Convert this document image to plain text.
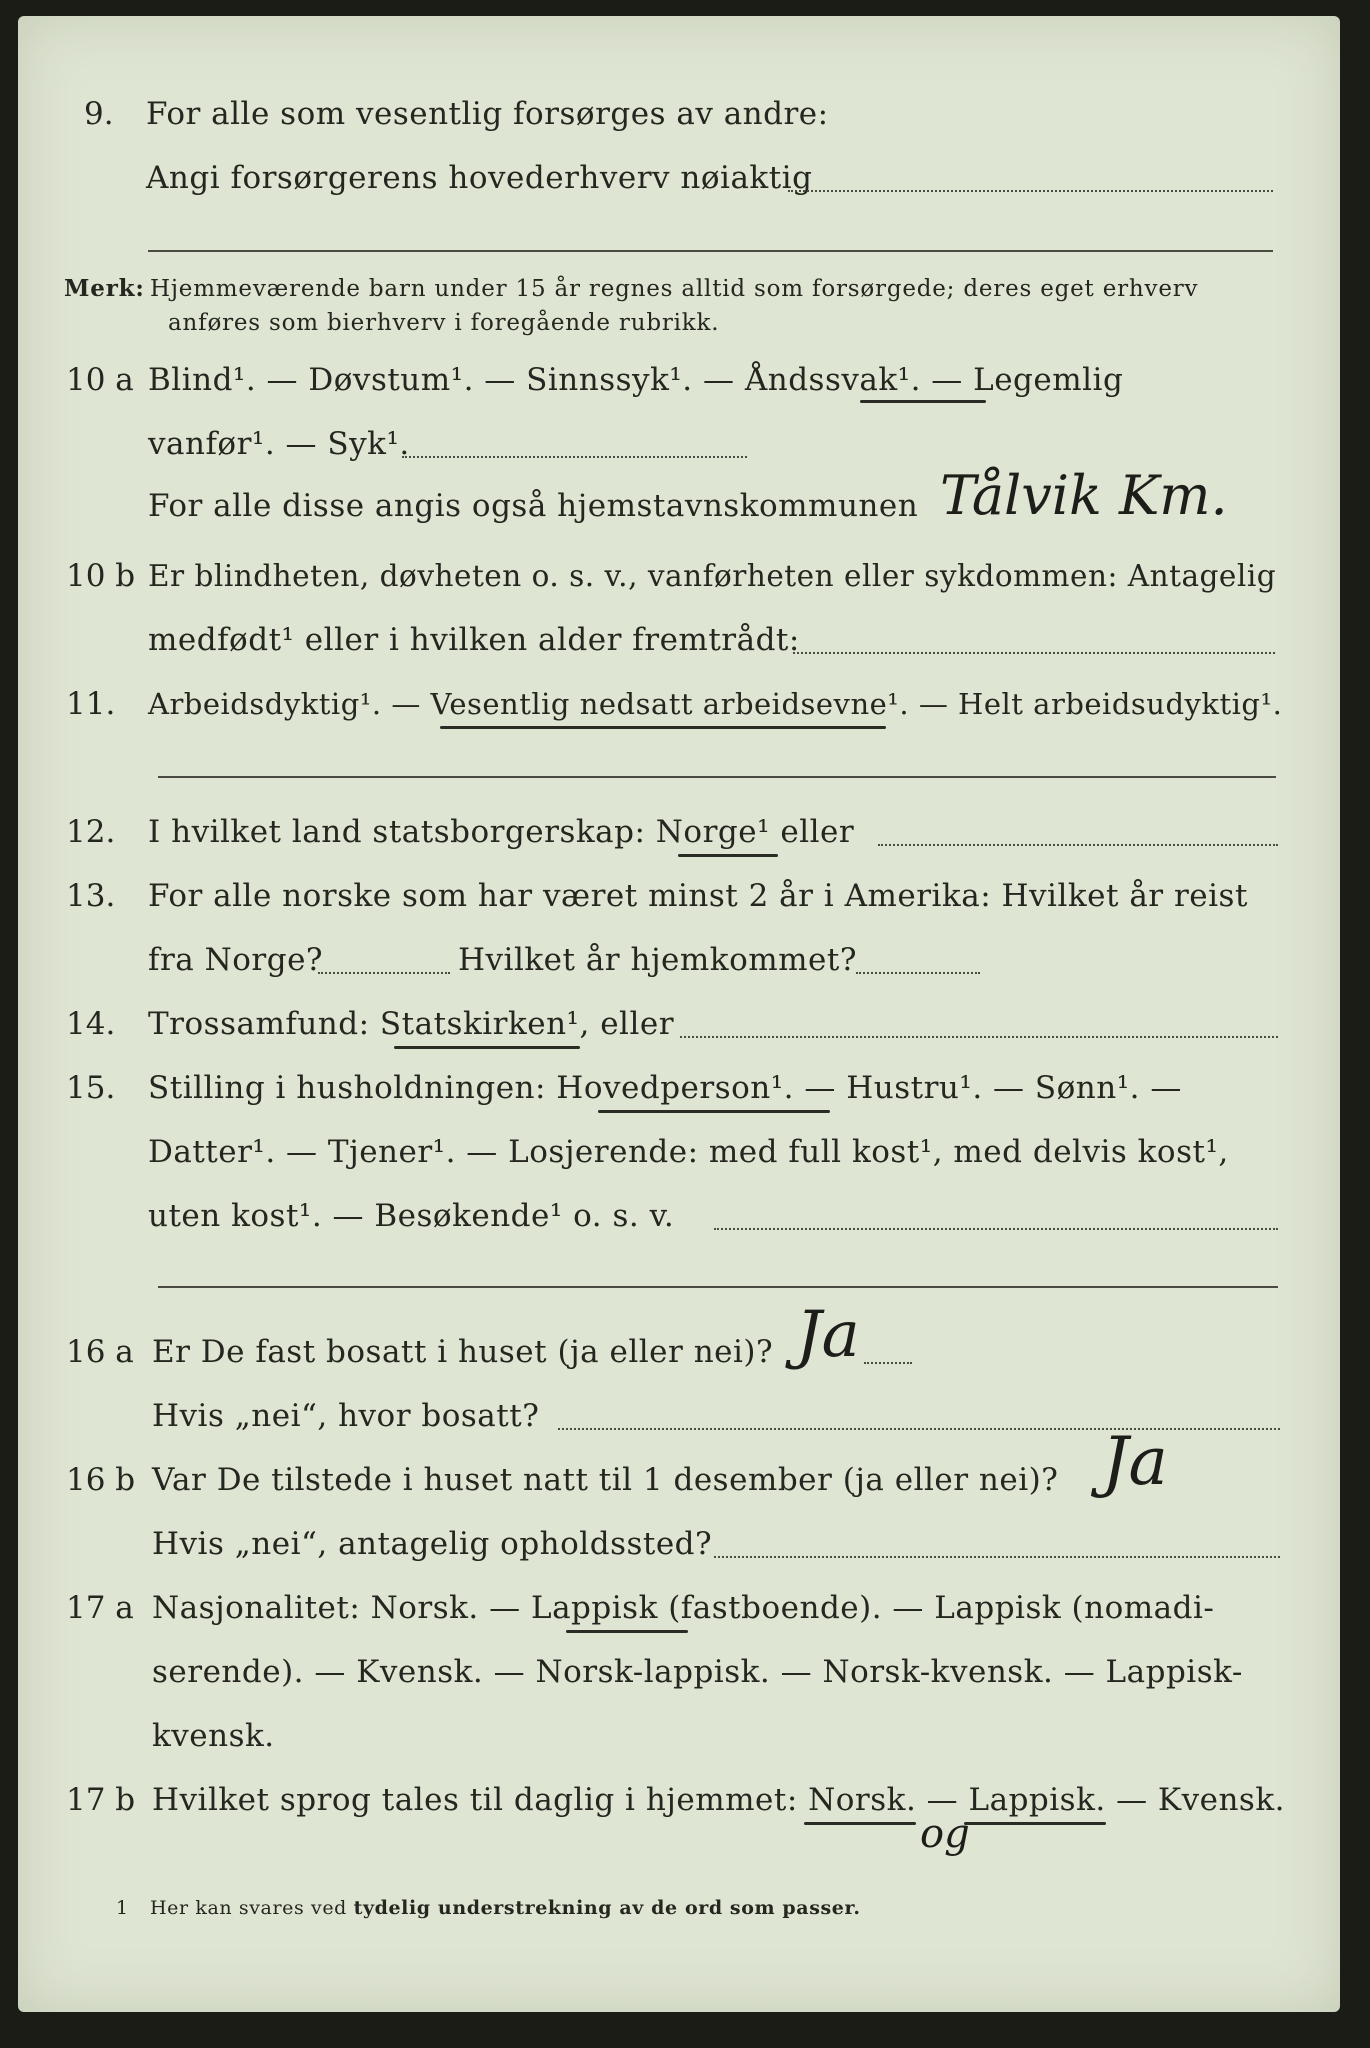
9. For alle som vesentlig forsørges av andre:
Angi forsørgerens hovederhverv nøiaktig
Merk: Hjemmeværende barn under 15 år regnes alltid som forsørgede; deres eget erhverv
anføres som bierhverv i foregående rubrikk.
10 a Blind¹. — Døvstum¹. — Sinnssyk¹. — Åndssvak¹. — Legemlig
vanfør¹. — Syk¹.
For alle disse angis også hjemstavnskommunen Tålvik Km.
10 b Er blindheten, døvheten o. s. v., vanførheten eller sykdommen: Antagelig
medfødt¹ eller i hvilken alder fremtrådt:
11. Arbeidsdyktig¹. — Vesentlig nedsatt arbeidsevne¹. — Helt arbeidsudyktig¹.
12. I hvilket land statsborgerskap: Norge¹ eller
13. For alle norske som har været minst 2 år i Amerika: Hvilket år reist
fra Norge?	Hvilket år hjemkommet?
14. Trossamfund: Statskirken¹, eller
15. Stilling i husholdningen: Hovedperson¹. — Hustru¹. — Sønn¹. —
Datter¹. — Tjener¹. — Losjerende: med full kost¹, med delvis kost¹,
uten kost¹. — Besøkende¹ o. s. v.
16 a Er De fast bosatt i huset (ja eller nei)? Ja
Hvis „nei“, hvor bosatt?
16 b Var De tilstede i huset natt til 1 desember (ja eller nei)? Ja
Hvis „nei“, antagelig opholdssted?
17 a Nasjonalitet: Norsk. — Lappisk (fastboende). — Lappisk (nomadi-
serende). — Kvensk. — Norsk-lappisk. — Norsk-kvensk. — Lappisk-
kvensk.
17 b Hvilket sprog tales til daglig i hjemmet: Norsk. — Lappisk. — Kvensk.
og
1 Her kan svares ved tydelig understrekning av de ord som passer.
